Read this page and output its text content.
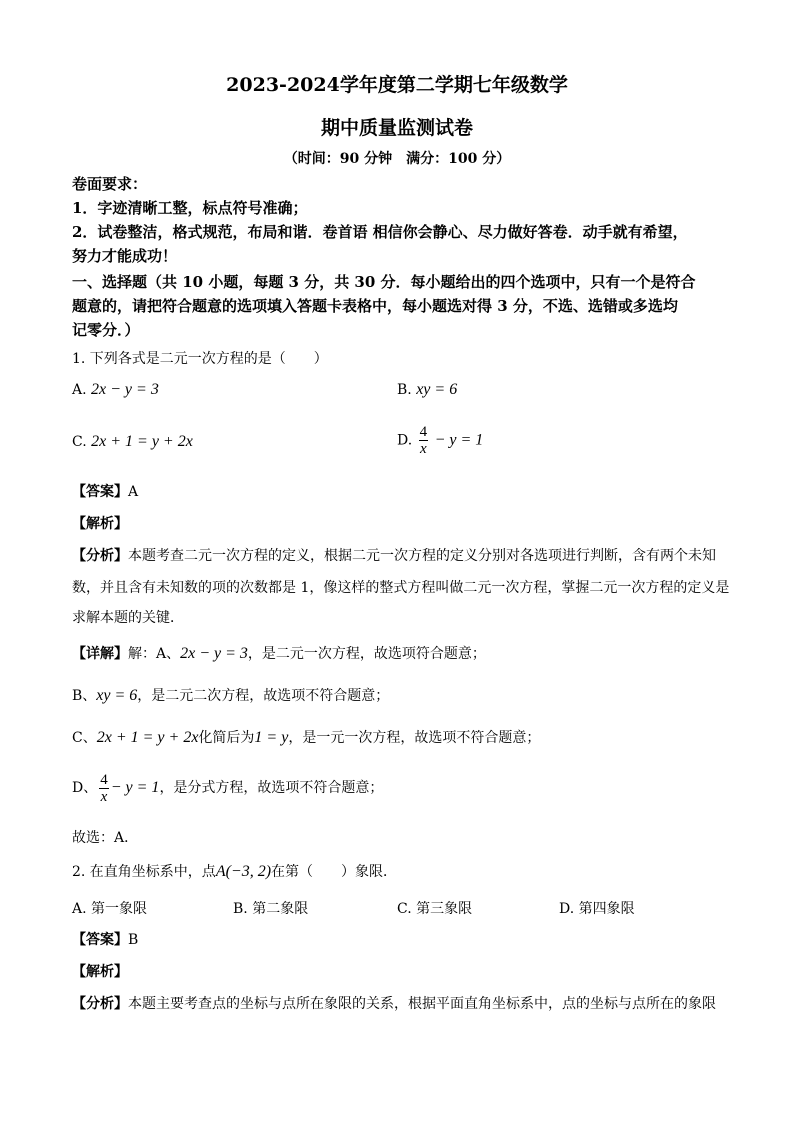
2023-2024学年度第二学期七年级数学
期中质量监测试卷
（时间：90 分钟　满分：100 分）
卷面要求：
1．字迹清晰工整，标点符号准确；
2．试卷整洁，格式规范，布局和谐．卷首语 相信你会静心、尽力做好答卷．动手就有希望，
努力才能成功！
一、选择题（共 10 小题，每题 3 分，共 30 分．每小题给出的四个选项中，只有一个是符合
题意的，请把符合题意的选项填入答题卡表格中，每小题选对得 3 分，不选、选错或多选均
记零分．）
1. 下列各式是二元一次方程的是（　　）
A. 2x − y = 3	B. xy = 6
C. 2x + 1 = y + 2x	D. $\frac{4}{x} - y = 1$
【答案】A
【解析】
【分析】本题考查二元一次方程的定义，根据二元一次方程的定义分别对各选项进行判断，含有两个未知
数，并且含有未知数的项的次数都是 1，像这样的整式方程叫做二元一次方程，掌握二元一次方程的定义是
求解本题的关键．
【详解】解：A、2x − y = 3，是二元一次方程，故选项符合题意；
B、xy = 6，是二元二次方程，故选项不符合题意；
C、2x + 1 = y + 2x化简后为1 = y，是一元一次方程，故选项不符合题意；
D、 $\frac{4}{x} - y = 1$，是分式方程，故选项不符合题意；
故选：A．
2. 在直角坐标系中，点A(−3, 2)在第（　　）象限．
A. 第一象限	B. 第二象限	C. 第三象限	D. 第四象限
【答案】B
【解析】
【分析】本题主要考查点的坐标与点所在象限的关系，根据平面直角坐标系中，点的坐标与点所在的象限
